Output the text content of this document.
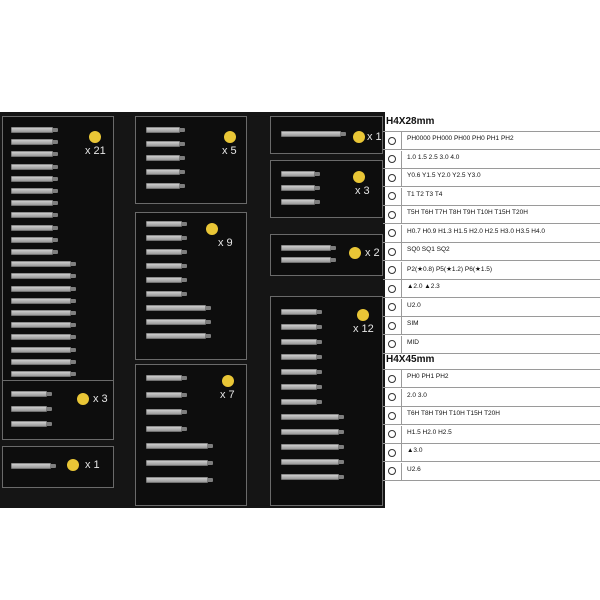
x 21	x 5
x 1
x 3
x 9
x 2
x 12
x 3	x 7
x 1
H4X28mm
PH0000 PH000 PH00 PH0 PH1 PH2
1.0 1.5 2.5 3.0 4.0
Y0.6 Y1.5 Y2.0 Y2.5 Y3.0
T1 T2 T3 T4
T5H T6H T7H T8H T9H T10H T15H T20H
H0.7 H0.9 H1.3 H1.5 H2.0 H2.5 H3.0 H3.5 H4.0
SQ0 SQ1 SQ2
P2(★0.8) P5(★1.2) P6(★1.5)
▲2.0 ▲2.3
U2.0
SIM
MID
H4X45mm
PH0 PH1 PH2
2.0 3.0
T6H T8H T9H T10H T15H T20H
H1.5 H2.0 H2.5
▲3.0
U2.6
